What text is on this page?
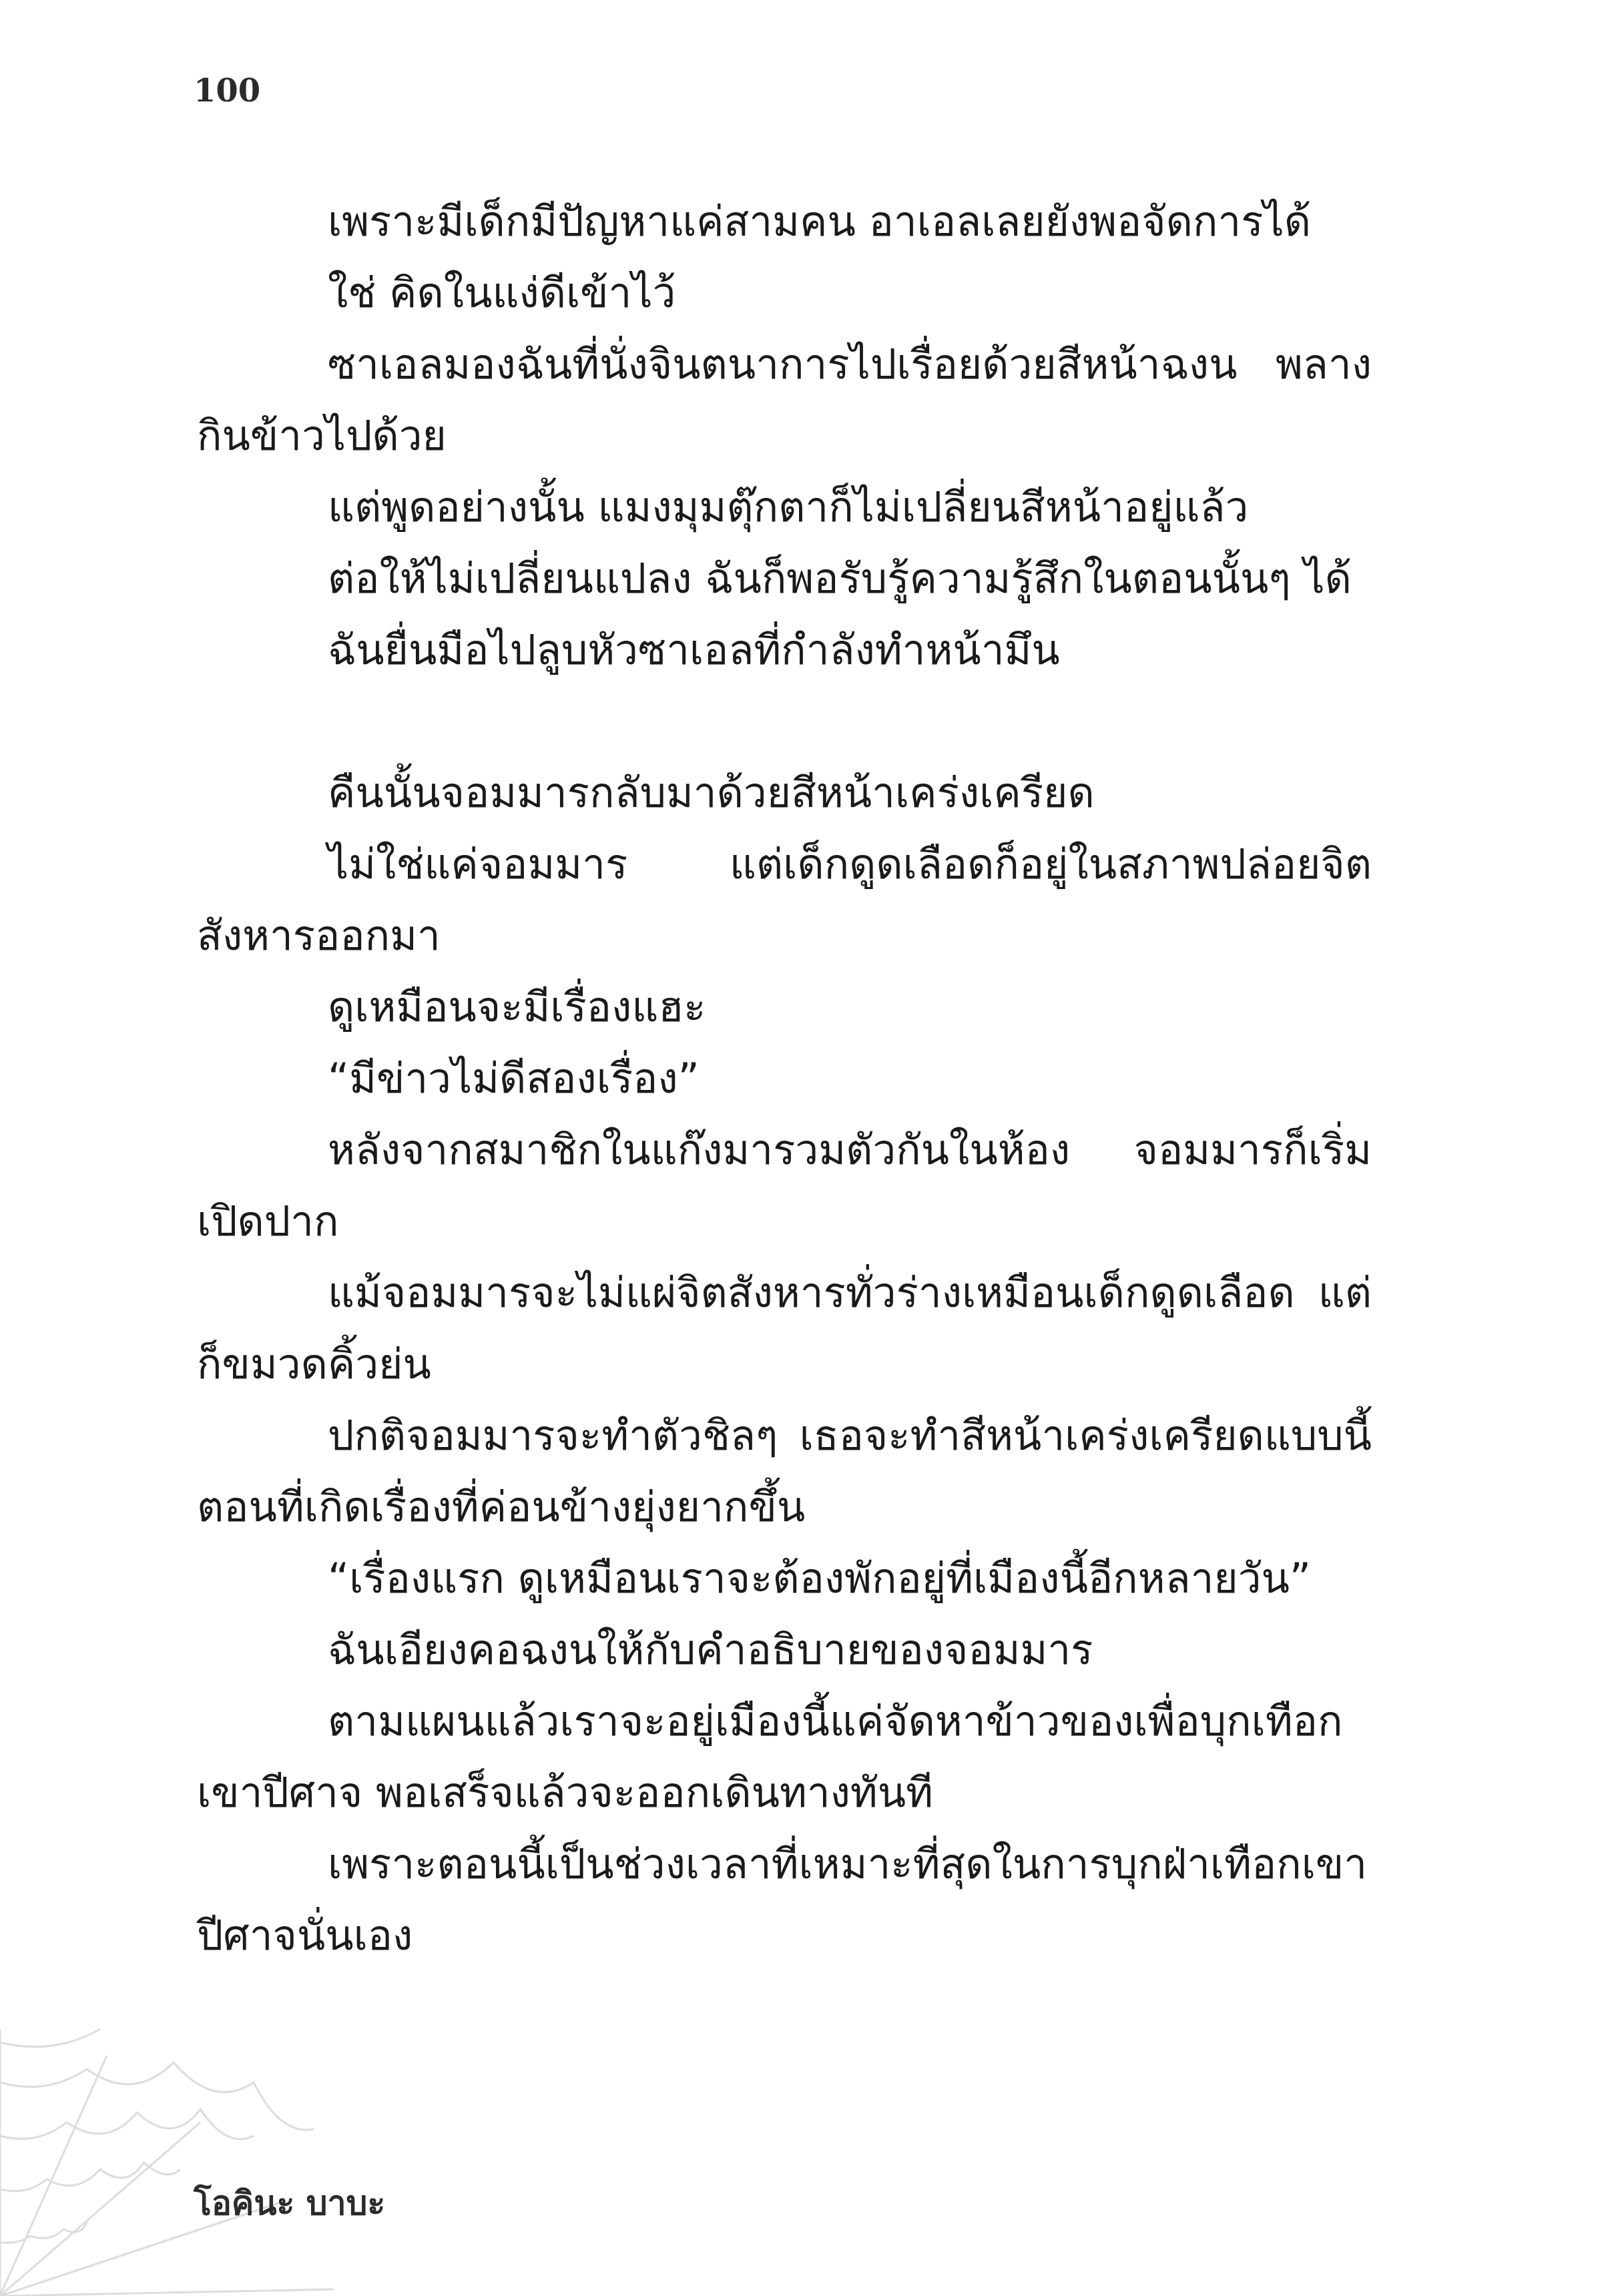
100

เพราะมีเด็กมีปัญหาแค่สามคน อาเอลเลยยังพอจัดการได้

ใช่ คิดในแง่ดีเข้าไว้

ซาเอลมองฉันที่นั่งจินตนาการไปเรื่อยด้วยสีหน้าฉงน พลางกินข้าวไปด้วย

แต่พูดอย่างนั้น แมงมุมตุ๊กตาก็ไม่เปลี่ยนสีหน้าอยู่แล้ว

ต่อให้ไม่เปลี่ยนแปลง ฉันก็พอรับรู้ความรู้สึกในตอนนั้นๆ ได้

ฉันยื่นมือไปลูบหัวซาเอลที่กำลังทำหน้ามึน

คืนนั้นจอมมารกลับมาด้วยสีหน้าเคร่งเครียด

ไม่ใช่แค่จอมมาร แต่เด็กดูดเลือดก็อยู่ในสภาพปล่อยจิตสังหารออกมา

ดูเหมือนจะมีเรื่องแฮะ

“มีข่าวไม่ดีสองเรื่อง”

หลังจากสมาชิกในแก๊งมารวมตัวกันในห้อง จอมมารก็เริ่มเปิดปาก

แม้จอมมารจะไม่แผ่จิตสังหารทั่วร่างเหมือนเด็กดูดเลือด แต่ก็ขมวดคิ้วย่น

ปกติจอมมารจะทำตัวชิลๆ เธอจะทำสีหน้าเคร่งเครียดแบบนี้ตอนที่เกิดเรื่องที่ค่อนข้างยุ่งยากขึ้น

“เรื่องแรก ดูเหมือนเราจะต้องพักอยู่ที่เมืองนี้อีกหลายวัน”

ฉันเอียงคอฉงนให้กับคำอธิบายของจอมมาร

ตามแผนแล้วเราจะอยู่เมืองนี้แค่จัดหาข้าวของเพื่อบุกเทือกเขาปีศาจ พอเสร็จแล้วจะออกเดินทางทันที

เพราะตอนนี้เป็นช่วงเวลาที่เหมาะที่สุดในการบุกฝ่าเทือกเขาปีศาจนั่นเอง

โอคินะ บาบะ
